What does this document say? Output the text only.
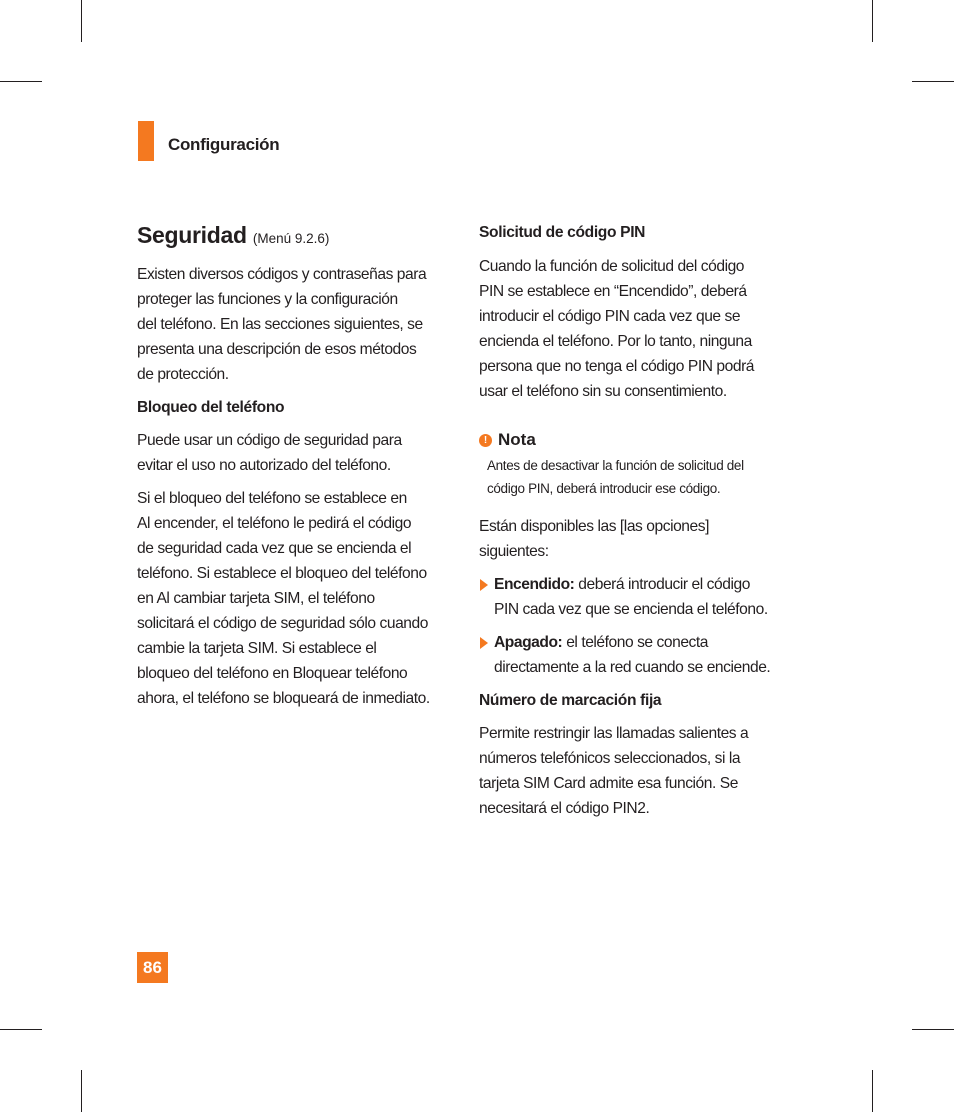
Configuración
Seguridad (Menú 9.2.6)

Existen diversos códigos y contraseñas para
proteger las funciones y la configuración
del teléfono. En las secciones siguientes, se
presenta una descripción de esos métodos
de protección.

Bloqueo del teléfono

Puede usar un código de seguridad para
evitar el uso no autorizado del teléfono.

Si el bloqueo del teléfono se establece en
Al encender, el teléfono le pedirá el código
de seguridad cada vez que se encienda el
teléfono. Si establece el bloqueo del teléfono
en Al cambiar tarjeta SIM, el teléfono
solicitará el código de seguridad sólo cuando
cambie la tarjeta SIM. Si establece el
bloqueo del teléfono en Bloquear teléfono
ahora, el teléfono se bloqueará de inmediato.

Solicitud de código PIN

Cuando la función de solicitud del código
PIN se establece en “Encendido”, deberá
introducir el código PIN cada vez que se
encienda el teléfono. Por lo tanto, ninguna
persona que no tenga el código PIN podrá
usar el teléfono sin su consentimiento.

! Nota
Antes de desactivar la función de solicitud del
código PIN, deberá introducir ese código.

Están disponibles las [las opciones]
siguientes:

Encendido: deberá introducir el código
PIN cada vez que se encienda el teléfono.

Apagado: el teléfono se conecta
directamente a la red cuando se enciende.

Número de marcación fija

Permite restringir las llamadas salientes a
números telefónicos seleccionados, si la
tarjeta SIM Card admite esa función. Se
necesitará el código PIN2.

86
